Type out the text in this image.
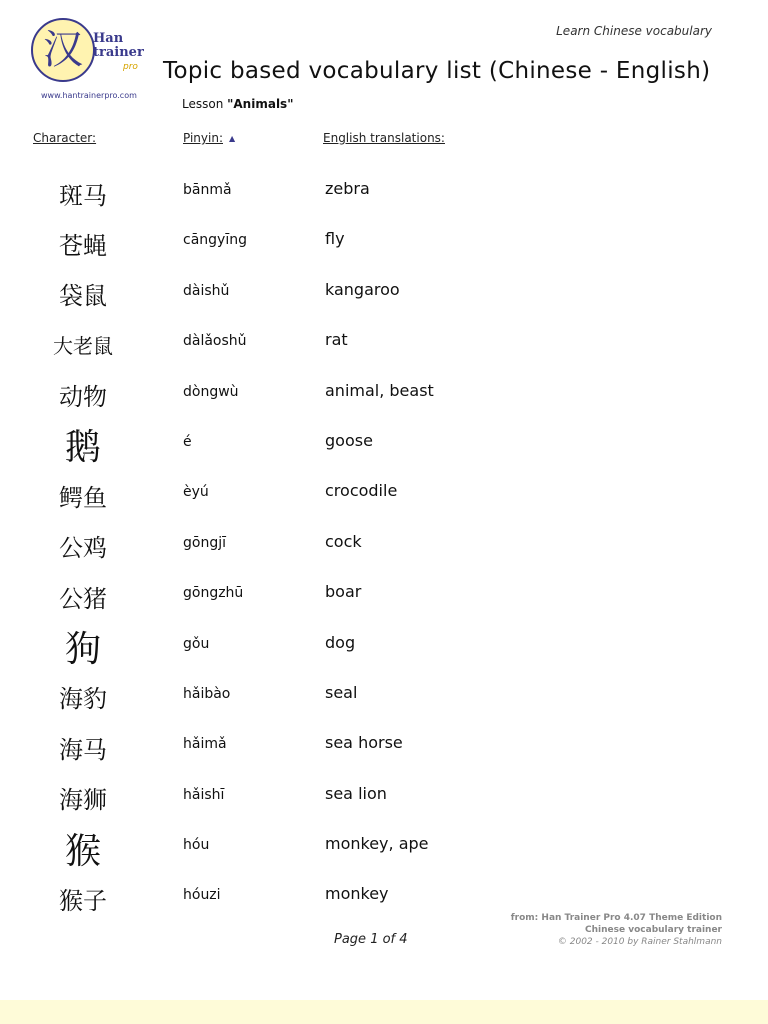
汉 Han
trainer
pro
www.hantrainerpro.com
Learn Chinese vocabulary
Topic based vocabulary list (Chinese - English)
Lesson "Animals"
Character:	Pinyin: ▲	English translations:
斑马	bānmǎ	zebra
苍蝇	cāngyīng	fly
袋鼠	dàishǔ	kangaroo
大老鼠	dàlǎoshǔ	rat
动物	dòngwù	animal, beast
鹅	é	goose
鳄鱼	èyú	crocodile
公鸡	gōngjī	cock
公猪	gōngzhū	boar
狗	gǒu	dog
海豹	hǎibào	seal
海马	hǎimǎ	sea horse
海狮	hǎishī	sea lion
猴	hóu	monkey, ape
猴子	hóuzi	monkey
from: Han Trainer Pro 4.07 Theme Edition
Chinese vocabulary trainer
© 2002 - 2010 by Rainer Stahlmann
Page 1 of 4
